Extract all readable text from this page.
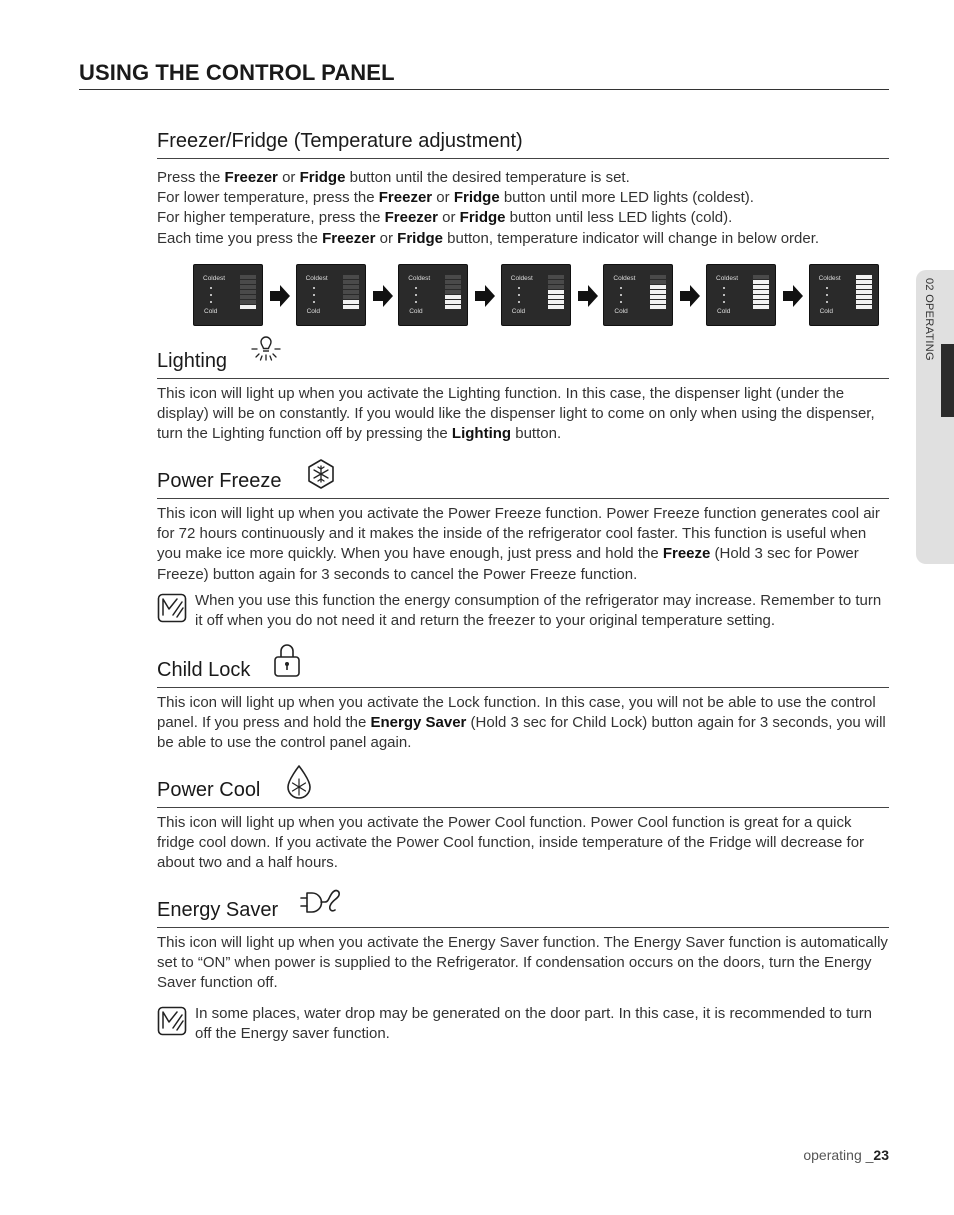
USING THE CONTROL PANEL
02 OPERATING
Freezer/Fridge (Temperature adjustment)
Press the Freezer or Fridge button until the desired temperature is set.
For lower temperature, press the Freezer or Fridge button until more LED lights (coldest).
For higher temperature, press the Freezer or Fridge button until less LED lights (cold).
Each time you press the Freezer or Fridge button, temperature indicator will change in below order.
Coldest
Cold
Coldest
Cold
Coldest
Cold
Coldest
Cold
Coldest
Cold
Coldest
Cold
Coldest
Cold
Lighting
This icon will light up when you activate the Lighting function. In this case, the dispenser light (under the display) will be on constantly. If you would like the dispenser light to come on only when using the dispenser, turn the Lighting function off by pressing the Lighting button.
Power Freeze
This icon will light up when you activate the Power Freeze function. Power Freeze function generates cool air for 72 hours continuously and it makes the inside of the refrigerator cool faster. This function is useful when you make ice more quickly. When you have enough, just press and hold the Freeze (Hold 3 sec for Power Freeze) button again for 3 seconds to cancel the Power Freeze function.
When you use this function the energy consumption of the refrigerator may increase. Remember to turn it off when you do not need it and return the freezer to your original temperature setting.
Child Lock
This icon will light up when you activate the Lock function. In this case, you will not be able to use the control panel. If you press and hold the Energy Saver (Hold 3 sec for Child Lock) button again for 3 seconds, you will be able to use the control panel again.
Power Cool
This icon will light up when you activate the Power Cool function. Power Cool function is great for a quick fridge cool down. If you activate the Power Cool function, inside temperature of the Fridge will decrease for about two and a half hours.
Energy Saver
This icon will light up when you activate the Energy Saver function. The Energy Saver function is automatically set to “ON” when power is supplied to the Refrigerator. If condensation occurs on the doors, turn the Energy Saver function off.
In some places, water drop may be generated on the door part. In this case, it is recommended to turn off the Energy saver function.
operating _23
